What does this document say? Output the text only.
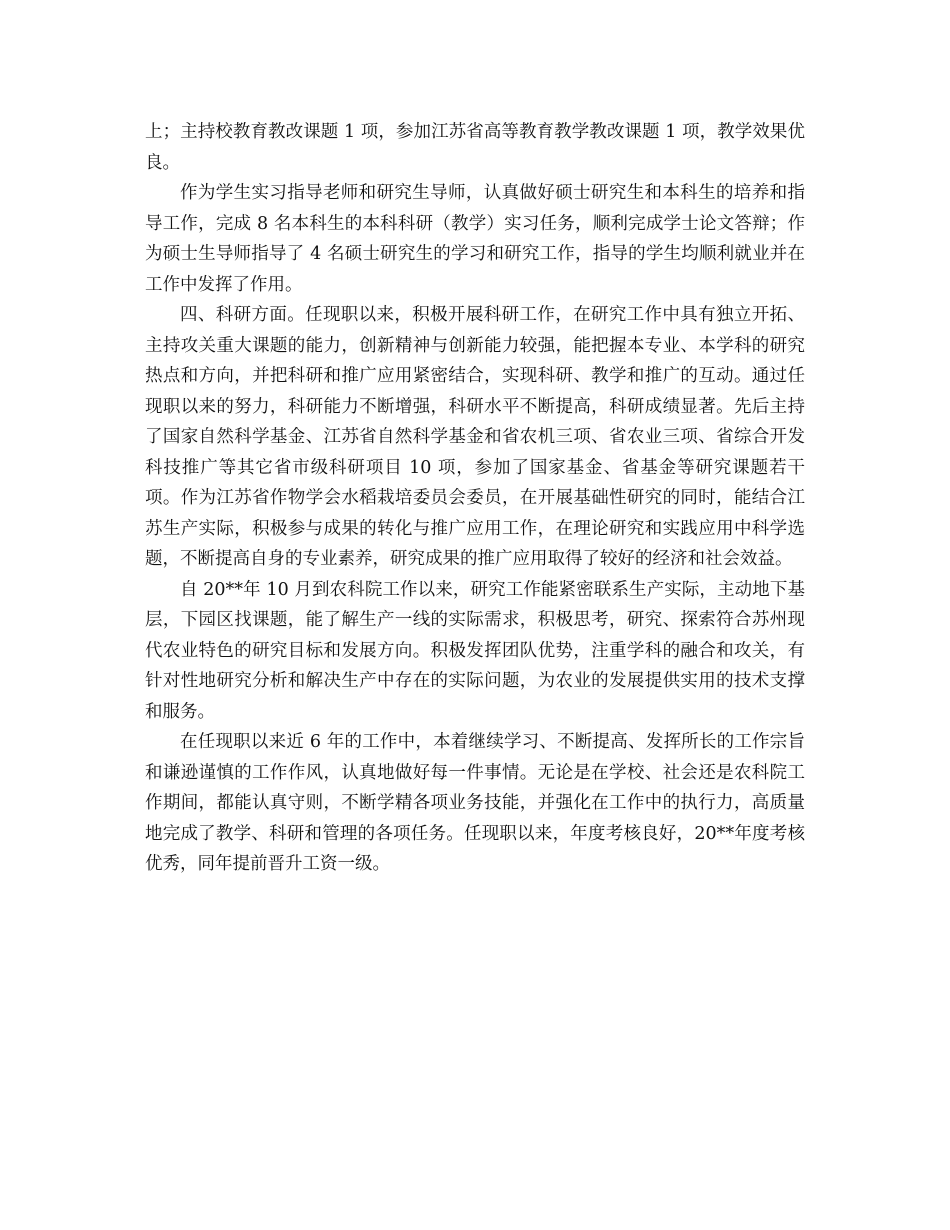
上；主持校教育教改课题 1 项，参加江苏省高等教育教学教改课题 1 项，教学效果优良。

作为学生实习指导老师和研究生导师，认真做好硕士研究生和本科生的培养和指导工作，完成 8 名本科生的本科科研（教学）实习任务，顺利完成学士论文答辩；作为硕士生导师指导了 4 名硕士研究生的学习和研究工作，指导的学生均顺利就业并在工作中发挥了作用。

四、科研方面。任现职以来，积极开展科研工作，在研究工作中具有独立开拓、主持攻关重大课题的能力，创新精神与创新能力较强，能把握本专业、本学科的研究热点和方向，并把科研和推广应用紧密结合，实现科研、教学和推广的互动。通过任现职以来的努力，科研能力不断增强，科研水平不断提高，科研成绩显著。先后主持了国家自然科学基金、江苏省自然科学基金和省农机三项、省农业三项、省综合开发科技推广等其它省市级科研项目 10 项，参加了国家基金、省基金等研究课题若干项。作为江苏省作物学会水稻栽培委员会委员，在开展基础性研究的同时，能结合江苏生产实际，积极参与成果的转化与推广应用工作，在理论研究和实践应用中科学选题，不断提高自身的专业素养，研究成果的推广应用取得了较好的经济和社会效益。

自 20**年 10 月到农科院工作以来，研究工作能紧密联系生产实际，主动地下基层，下园区找课题，能了解生产一线的实际需求，积极思考，研究、探索符合苏州现代农业特色的研究目标和发展方向。积极发挥团队优势，注重学科的融合和攻关，有针对性地研究分析和解决生产中存在的实际问题，为农业的发展提供实用的技术支撑和服务。

在任现职以来近 6 年的工作中，本着继续学习、不断提高、发挥所长的工作宗旨和谦逊谨慎的工作作风，认真地做好每一件事情。无论是在学校、社会还是农科院工作期间，都能认真守则，不断学精各项业务技能，并强化在工作中的执行力，高质量地完成了教学、科研和管理的各项任务。任现职以来，年度考核良好，20**年度考核优秀，同年提前晋升工资一级。
